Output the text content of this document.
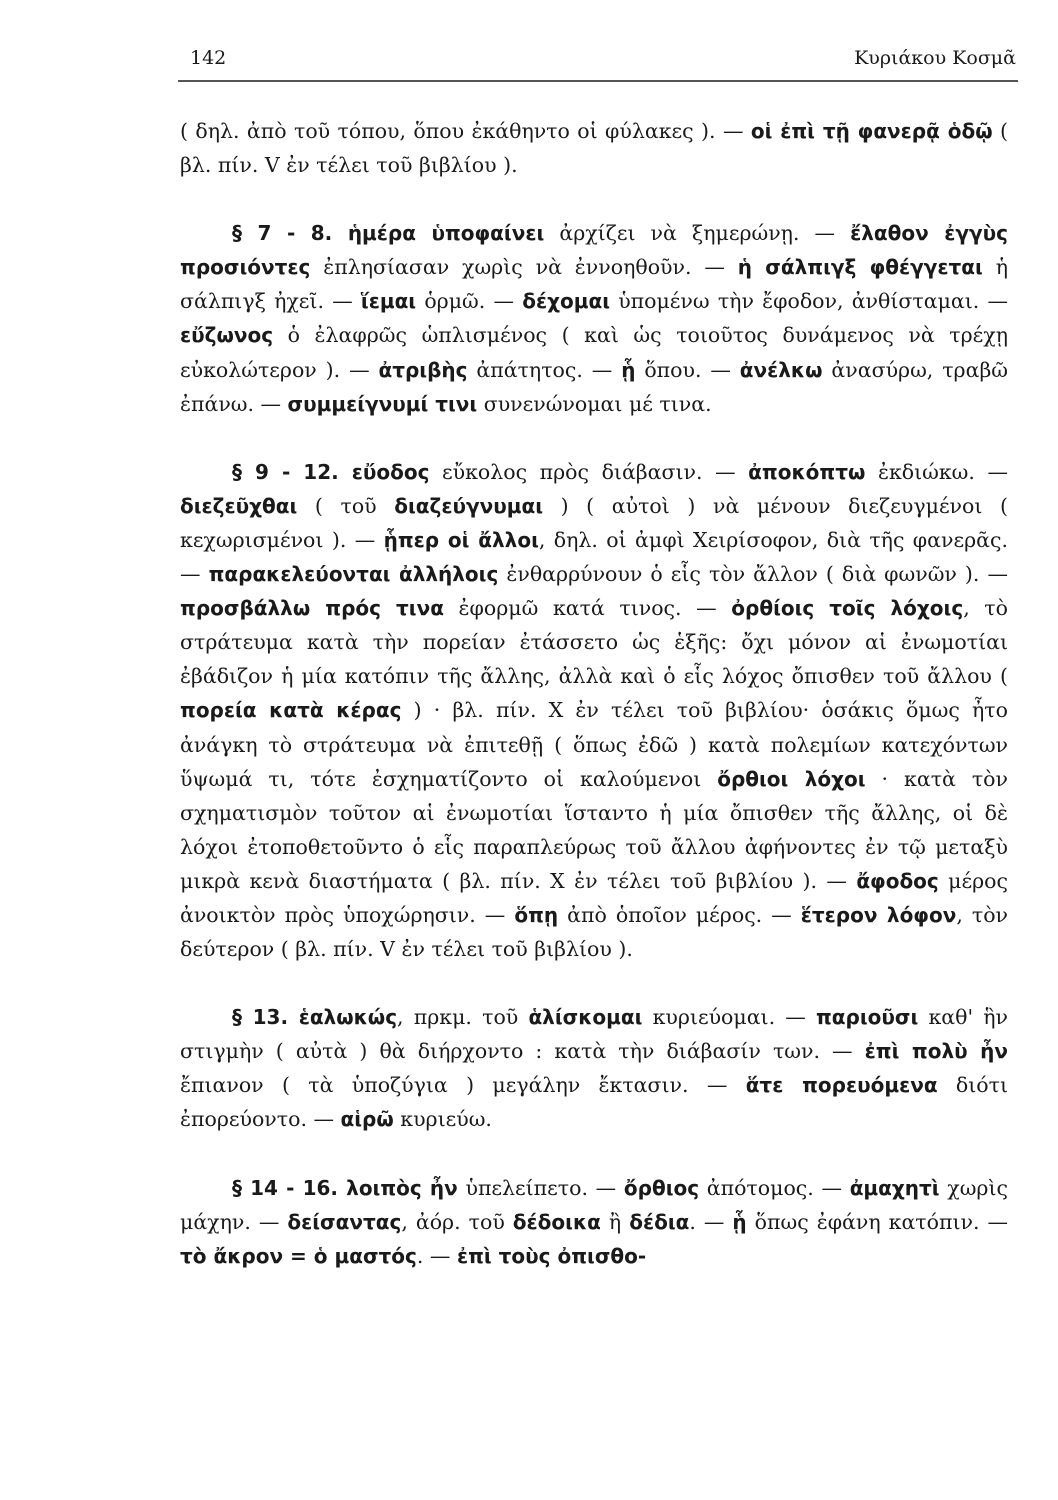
142	Κυριάκου Κοσμᾶ

( δηλ. ἀπὸ τοῦ τόπου, ὅπου ἐκάθηντο οἱ φύλακες ). — οἱ ἐπὶ τῇ φανερᾷ ὁδῷ ( βλ. πίν. V ἐν τέλει τοῦ βιβλίου ).

§ 7 - 8. ἡμέρα ὑποφαίνει ἀρχίζει νὰ ξημερώνῃ. — ἔλαθον ἐγγὺς προσιόντες ἐπλησίασαν χωρὶς νὰ ἐννοηθοῦν. — ἡ σάλπιγξ φθέγγεται ἡ σάλπιγξ ἠχεῖ. — ἵεμαι ὁρμῶ. — δέχομαι ὑπομένω τὴν ἔφοδον, ἀνθίσταμαι. — εὔζωνος ὁ ἐλαφρῶς ὡπλισμένος ( καὶ ὡς τοιοῦτος δυνάμενος νὰ τρέχῃ εὐκολώτερον ). — ἀτριβὴς ἀπάτητος. — ᾗ ὅπου. — ἀνέλκω ἀνασύρω, τραβῶ ἐπάνω. — συμμείγνυμί τινι συνενώνομαι μέ τινα.

§ 9 - 12. εὔοδος εὔκολος πρὸς διάβασιν. — ἀποκόπτω ἐκδιώκω. — διεζεῦχθαι ( τοῦ διαζεύγνυμαι ) ( αὐτοὶ ) νὰ μένουν διεζευγμένοι ( κεχωρισμένοι ). — ᾗπερ οἱ ἄλλοι, δηλ. οἱ ἀμφὶ Χειρίσοφον, διὰ τῆς φανερᾶς. — παρακελεύονται ἀλλήλοις ἐνθαρρύνουν ὁ εἷς τὸν ἄλλον ( διὰ φωνῶν ). — προσβάλλω πρός τινα ἐφορμῶ κατά τινος. — ὀρθίοις τοῖς λόχοις, τὸ στράτευμα κατὰ τὴν πορείαν ἐτάσσετο ὡς ἑξῆς: ὄχι μόνον αἱ ἐνωμοτίαι ἐβάδιζον ἡ μία κατόπιν τῆς ἄλλης, ἀλλὰ καὶ ὁ εἷς λόχος ὄπισθεν τοῦ ἄλλου ( πορεία κατὰ κέρας ) · βλ. πίν. Χ ἐν τέλει τοῦ βιβλίου· ὁσάκις ὅμως ἦτο ἀνάγκη τὸ στράτευμα νὰ ἐπιτεθῇ ( ὅπως ἐδῶ ) κατὰ πολεμίων κατεχόντων ὕψωμά τι, τότε ἐσχηματίζοντο οἱ καλούμενοι ὄρθιοι λόχοι · κατὰ τὸν σχηματισμὸν τοῦτον αἱ ἐνωμοτίαι ἵσταντο ἡ μία ὄπισθεν τῆς ἄλλης, οἱ δὲ λόχοι ἐτοποθετοῦντο ὁ εἷς παραπλεύρως τοῦ ἄλλου ἀφήνοντες ἐν τῷ μεταξὺ μικρὰ κενὰ διαστήματα ( βλ. πίν. Χ ἐν τέλει τοῦ βιβλίου ). — ἄφοδος μέρος ἀνοικτὸν πρὸς ὑποχώρησιν. — ὅπῃ ἀπὸ ὁποῖον μέρος. — ἕτερον λόφον, τὸν δεύτερον ( βλ. πίν. V ἐν τέλει τοῦ βιβλίου ).

§ 13. ἑαλωκώς, πρκμ. τοῦ ἁλίσκομαι κυριεύομαι. — παριοῦσι καθ' ἣν στιγμὴν ( αὐτὰ ) θὰ διήρχοντο : κατὰ τὴν διάβασίν των. — ἐπὶ πολὺ ἦν ἔπιανον ( τὰ ὑποζύγια ) μεγάλην ἔκτασιν. — ἅτε πορευόμενα διότι ἐπορεύοντο. — αἱρῶ κυριεύω.

§ 14 - 16. λοιπὸς ἦν ὑπελείπετο. — ὄρθιος ἀπότομος. — ἀμαχητὶ χωρὶς μάχην. — δείσαντας, ἀόρ. τοῦ δέδοικα ἢ δέδια. — ᾗ ὅπως ἐφάνη κατόπιν. — τὸ ἄκρον = ὁ μαστός. — ἐπὶ τοὺς ὀπισθο-
